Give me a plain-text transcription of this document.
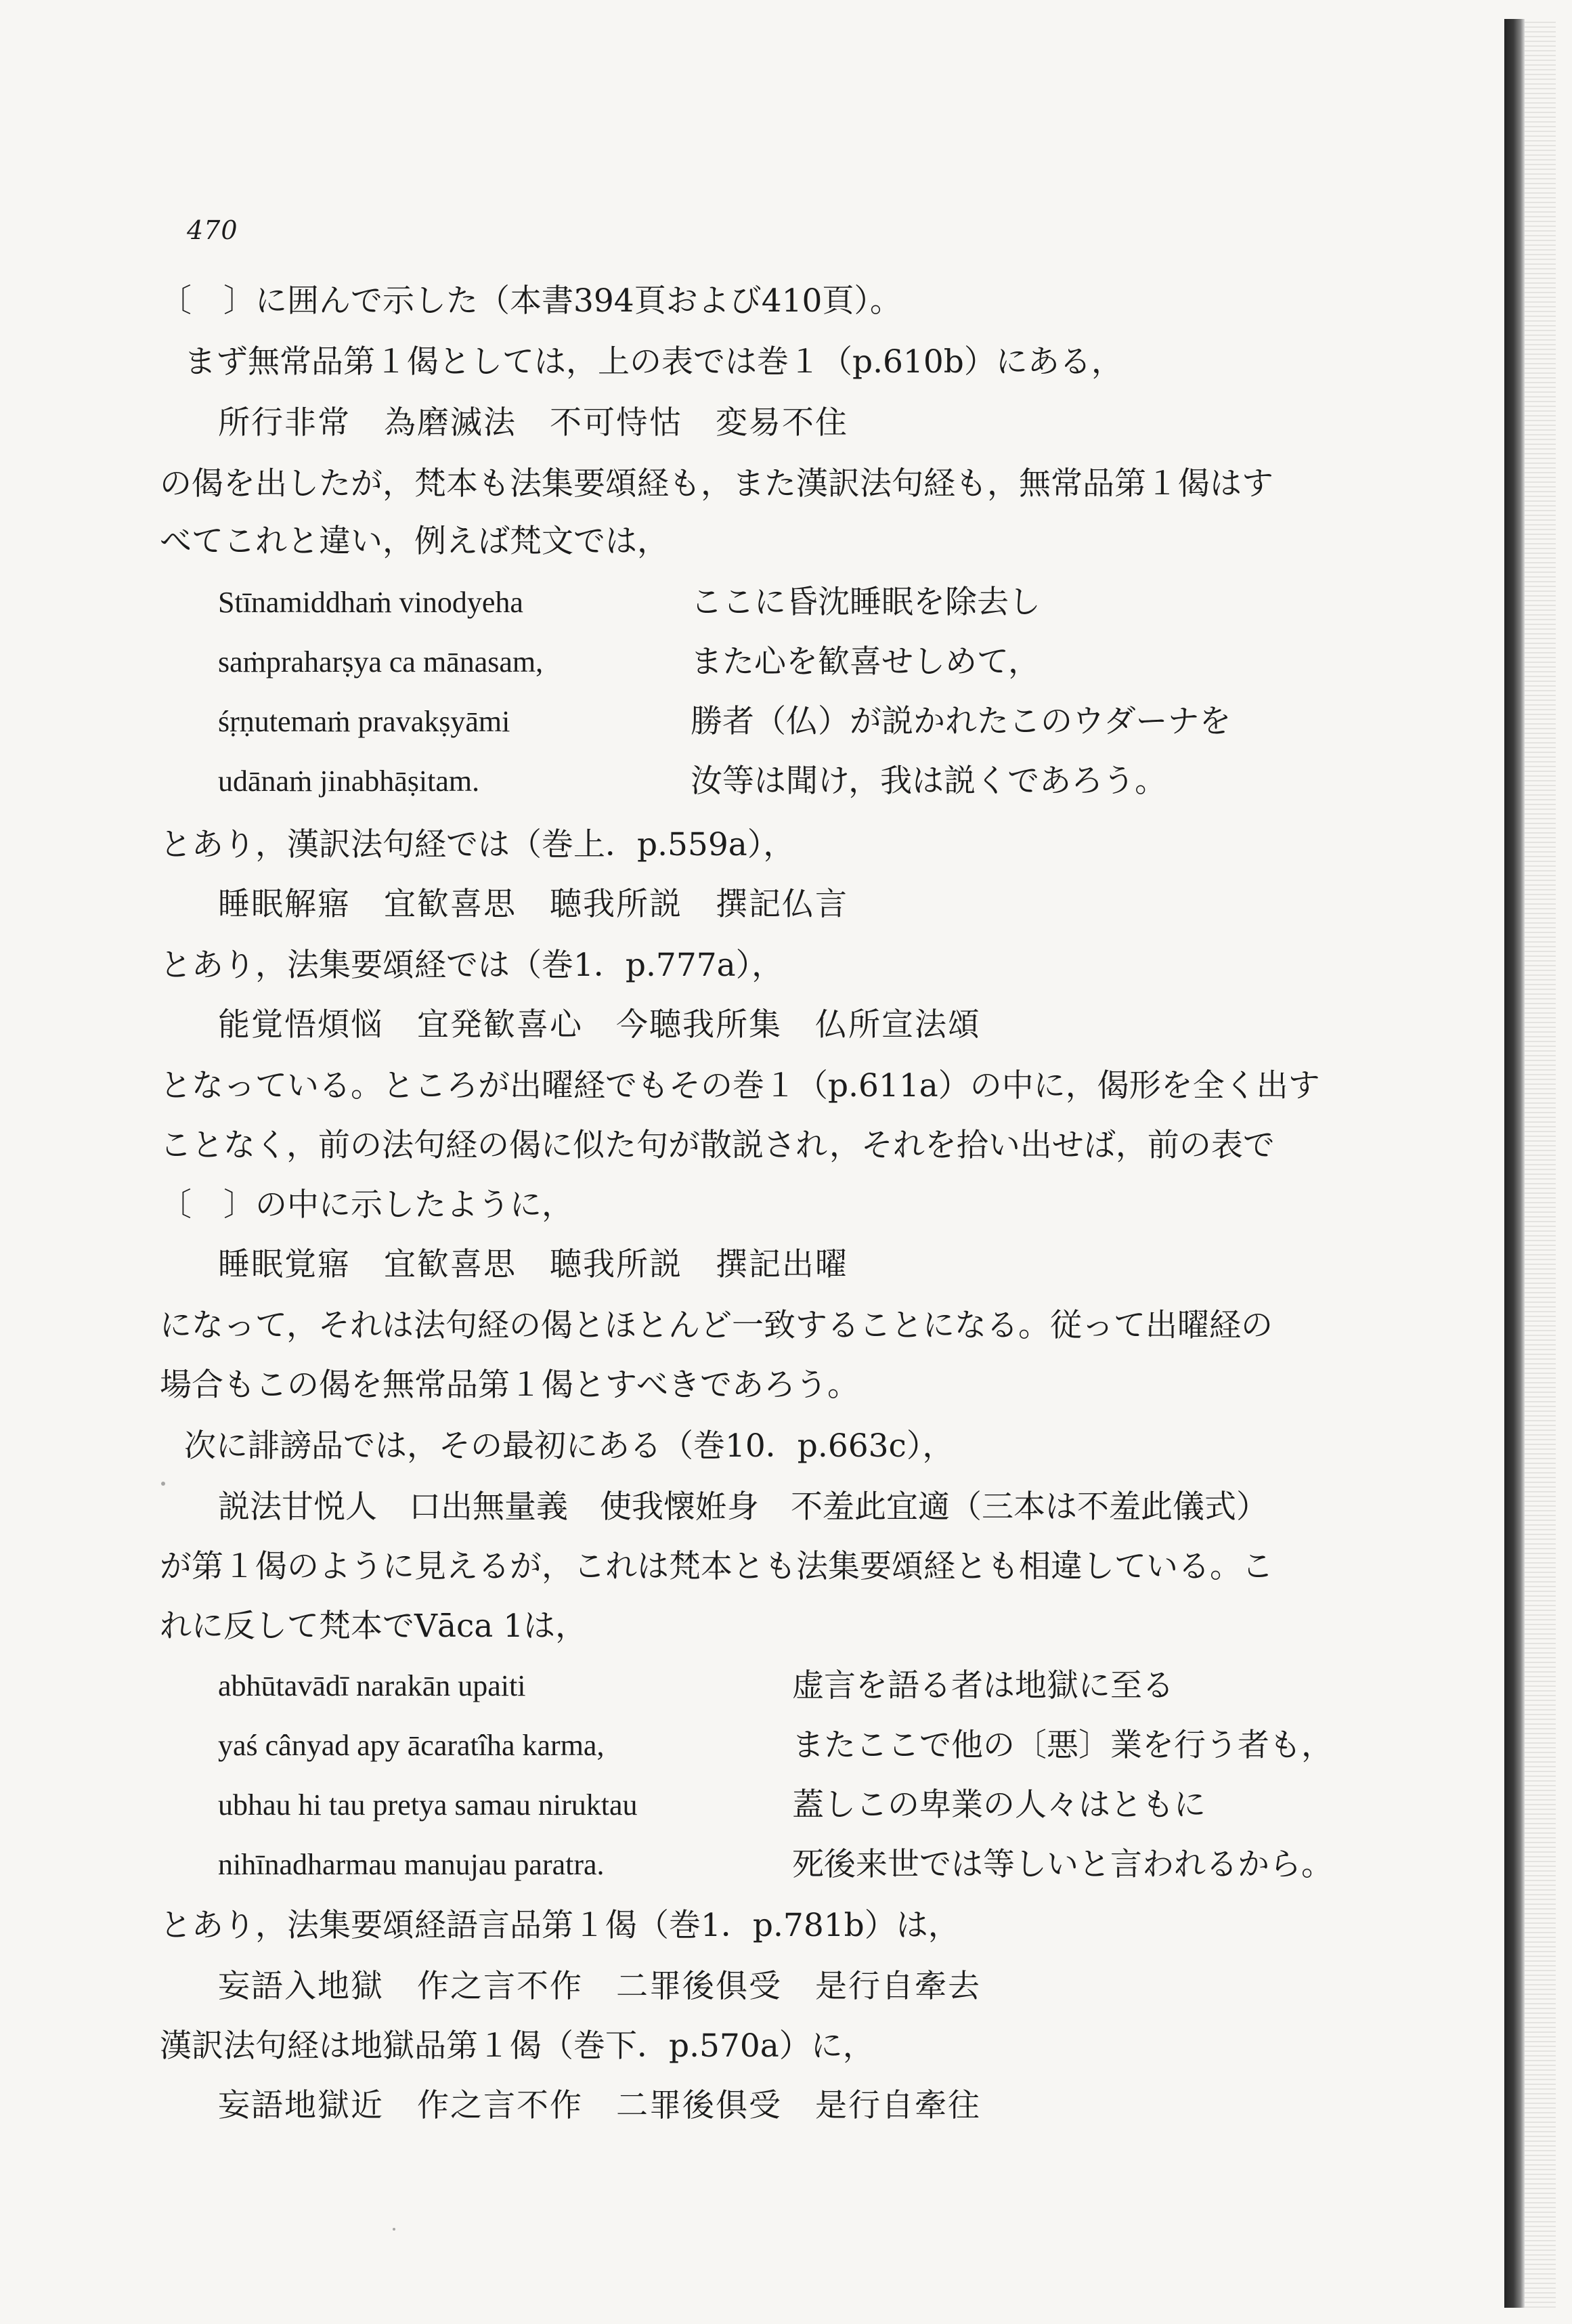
470
〔　〕に囲んで示した（本書394頁および410頁）。
まず無常品第１偈としては，上の表では巻１（p.610b）にある，
所行非常　為磨滅法　不可恃怙　変易不住
の偈を出したが，梵本も法集要頌経も，また漢訳法句経も，無常品第１偈はす
べてこれと違い，例えば梵文では，
Stīnamiddhaṁ vinodyeha	ここに昏沈睡眠を除去し
saṁpraharṣya ca mānasam,	また心を歓喜せしめて，
śṛṇutemaṁ pravakṣyāmi	勝者（仏）が説かれたこのウダーナを
udānaṁ jinabhāṣitam.	汝等は聞け，我は説くであろう。
とあり，漢訳法句経では（巻上．p.559a），
睡眠解寤　宜歓喜思　聴我所説　撰記仏言
とあり，法集要頌経では（巻1．p.777a），
能覚悟煩悩　宜発歓喜心　今聴我所集　仏所宣法頌
となっている。ところが出曜経でもその巻１（p.611a）の中に，偈形を全く出す
ことなく，前の法句経の偈に似た句が散説され，それを拾い出せば，前の表で
〔　〕の中に示したように，
睡眠覚寤　宜歓喜思　聴我所説　撰記出曜
になって，それは法句経の偈とほとんど一致することになる。従って出曜経の
場合もこの偈を無常品第１偈とすべきであろう。
次に誹謗品では，その最初にある（巻10．p.663c），
説法甘悦人　口出無量義　使我懐姙身　不羞此宜適（三本は不羞此儀式）
が第１偈のように見えるが，これは梵本とも法集要頌経とも相違している。こ
れに反して梵本でVāca 1は，
abhūtavādī narakān upaiti	虚言を語る者は地獄に至る
yaś cânyad apy ācaratîha karma,	またここで他の〔悪〕業を行う者も，
ubhau hi tau pretya samau niruktau	蓋しこの卑業の人々はともに
nihīnadharmau manujau paratra.	死後来世では等しいと言われるから。
とあり，法集要頌経語言品第１偈（巻1．p.781b）は，
妄語入地獄　作之言不作　二罪後俱受　是行自牽去
漢訳法句経は地獄品第１偈（巻下．p.570a）に，
妄語地獄近　作之言不作　二罪後俱受　是行自牽往
